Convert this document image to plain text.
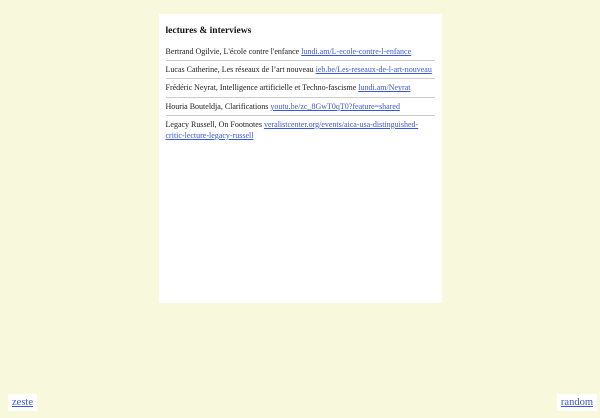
lectures & interviews
Bertrand Ogilvie, L'école contre l'enfance lundi.am/L-ecole-contre-l-enfance
Lucas Catherine, Les réseaux de l’art nouveau ieb.be/Les-reseaux-de-l-art-nouveau
Frédéric Neyrat, Intelligence artificielle et Techno-fascisme lundi.am/Neyrat
Houria Bouteldja, Clarifications youtu.be/zc_8GwT0qT0?feature=shared
Legacy Russell, On Footnotes veralistcenter.org/events/aica-usa-distinguished-critic-lecture-legacy-russell
zeste	random
